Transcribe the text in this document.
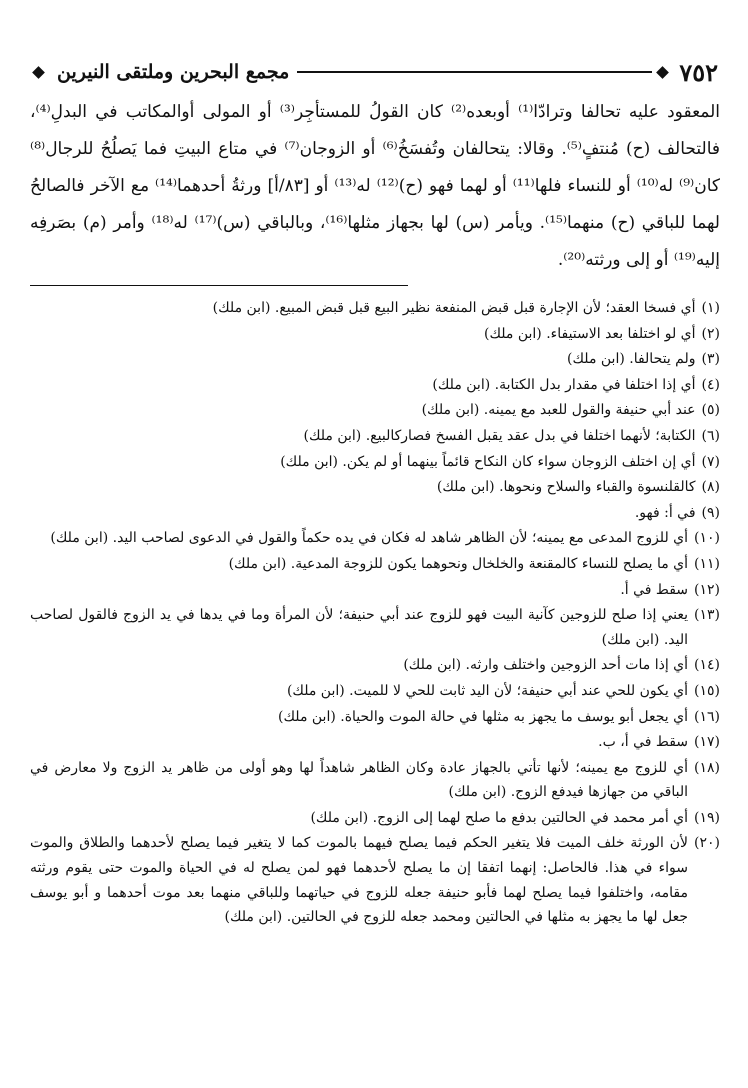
٧٥٢
مجمع البحرين وملتقى النيرين

المعقود عليه تحالفا وترادّا⁽¹⁾ أوبعده⁽²⁾ كان القولُ للمستأجِر⁽³⁾ أو المولى أوالمكاتب في البدلِ⁽⁴⁾، فالتحالف (ح) مُنتفٍ⁽⁵⁾. وقالا: يتحالفان وتُفسَخُ⁽⁶⁾ أو الزوجان⁽⁷⁾ في متاع البيتِ فما يَصلُحُ للرجال⁽⁸⁾ كان⁽⁹⁾ له⁽¹⁰⁾ أو للنساء فلها⁽¹¹⁾ أو لهما فهو (ح)⁽¹²⁾ له⁽¹³⁾ أو [٨٣/أ] ورثةُ أحدهما⁽¹⁴⁾ مع الآخر فالصالحُ لهما للباقي (ح) منهما⁽¹⁵⁾. ويأمر (س) لها بجهاز مثلها⁽¹⁶⁾، وبالباقي (س)⁽¹⁷⁾ له⁽¹⁸⁾ وأمر (م) بصَرفِه إليه⁽¹⁹⁾ أو إلى ورثته⁽²⁰⁾.

(١)
أي فسخا العقد؛ لأن الإجارة قبل قبض المنفعة نظير البيع قبل قبض المبيع. (ابن ملك)
(٢)
أي لو اختلفا بعد الاستيفاء. (ابن ملك)
(٣)
ولم يتحالفا. (ابن ملك)
(٤)
أي إذا اختلفا في مقدار بدل الكتابة. (ابن ملك)
(٥)
عند أبي حنيفة والقول للعبد مع يمينه. (ابن ملك)
(٦)
الكتابة؛ لأنهما اختلفا في بدل عقد يقبل الفسخ فصاركالبيع. (ابن ملك)
(٧)
أي إن اختلف الزوجان سواء كان النكاح قائماً بينهما أو لم يكن. (ابن ملك)
(٨)
كالقلنسوة والقباء والسلاح ونحوها. (ابن ملك)
(٩)
في أ: فهو.
(١٠)
أي للزوج المدعى مع يمينه؛ لأن الظاهر شاهد له فكان في يده حكماً والقول في الدعوى لصاحب اليد. (ابن ملك)
(١١)
أي ما يصلح للنساء كالمقنعة والخلخال ونحوهما يكون للزوجة المدعية. (ابن ملك)
(١٢)
سقط في أ.
(١٣)
يعني إذا صلح للزوجين كآنية البيت فهو للزوج عند أبي حنيفة؛ لأن المرأة وما في يدها في يد الزوج فالقول لصاحب اليد. (ابن ملك)
(١٤)
أي إذا مات أحد الزوجين واختلف وارثه. (ابن ملك)
(١٥)
أي يكون للحي عند أبي حنيفة؛ لأن اليد ثابت للحي لا للميت. (ابن ملك)
(١٦)
أي يجعل أبو يوسف ما يجهز به مثلها في حالة الموت والحياة. (ابن ملك)
(١٧)
سقط في أ، ب.
(١٨)
أي للزوج مع يمينه؛ لأنها تأتي بالجهاز عادة وكان الظاهر شاهداً لها وهو أولى من ظاهر يد الزوج ولا معارض في الباقي من جهازها فيدفع الزوج. (ابن ملك)
(١٩)
أي أمر محمد في الحالتين بدفع ما صلح لهما إلى الزوج. (ابن ملك)
(٢٠)
لأن الورثة خلف الميت فلا يتغير الحكم فيما يصلح فيهما بالموت كما لا يتغير فيما يصلح لأحدهما والطلاق والموت سواء في هذا. فالحاصل: إنهما اتفقا إن ما يصلح لأحدهما فهو لمن يصلح له في الحياة والموت حتى يقوم ورثته مقامه، واختلفوا فيما يصلح لهما فأبو حنيفة جعله للزوج في حياتهما وللباقي منهما بعد موت أحدهما و أبو يوسف جعل لها ما يجهز به مثلها في الحالتين ومحمد جعله للزوج في الحالتين. (ابن ملك)
